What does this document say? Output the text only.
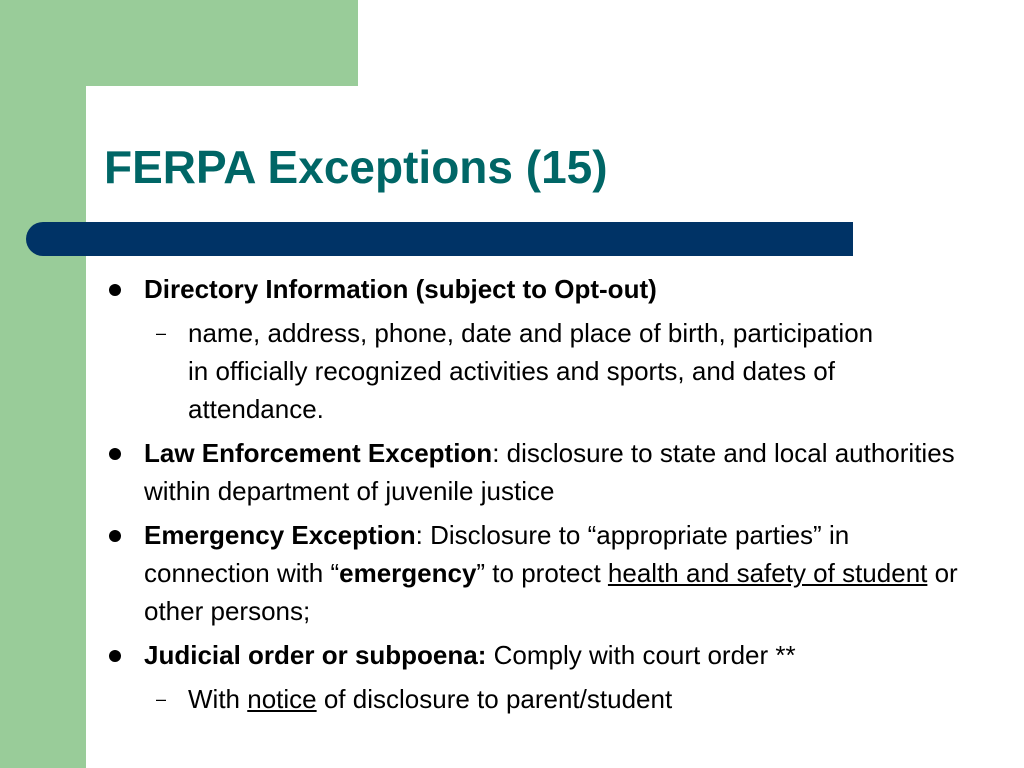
FERPA Exceptions (15)
Directory Information (subject to Opt-out)
– name, address, phone, date and place of birth, participation in officially recognized activities and sports, and dates of attendance.
Law Enforcement Exception: disclosure to state and local authorities within department of juvenile justice
Emergency Exception: Disclosure to “appropriate parties” in connection with “emergency” to protect health and safety of student or other persons;
Judicial order or subpoena: Comply with court order **
– With notice of disclosure to parent/student
